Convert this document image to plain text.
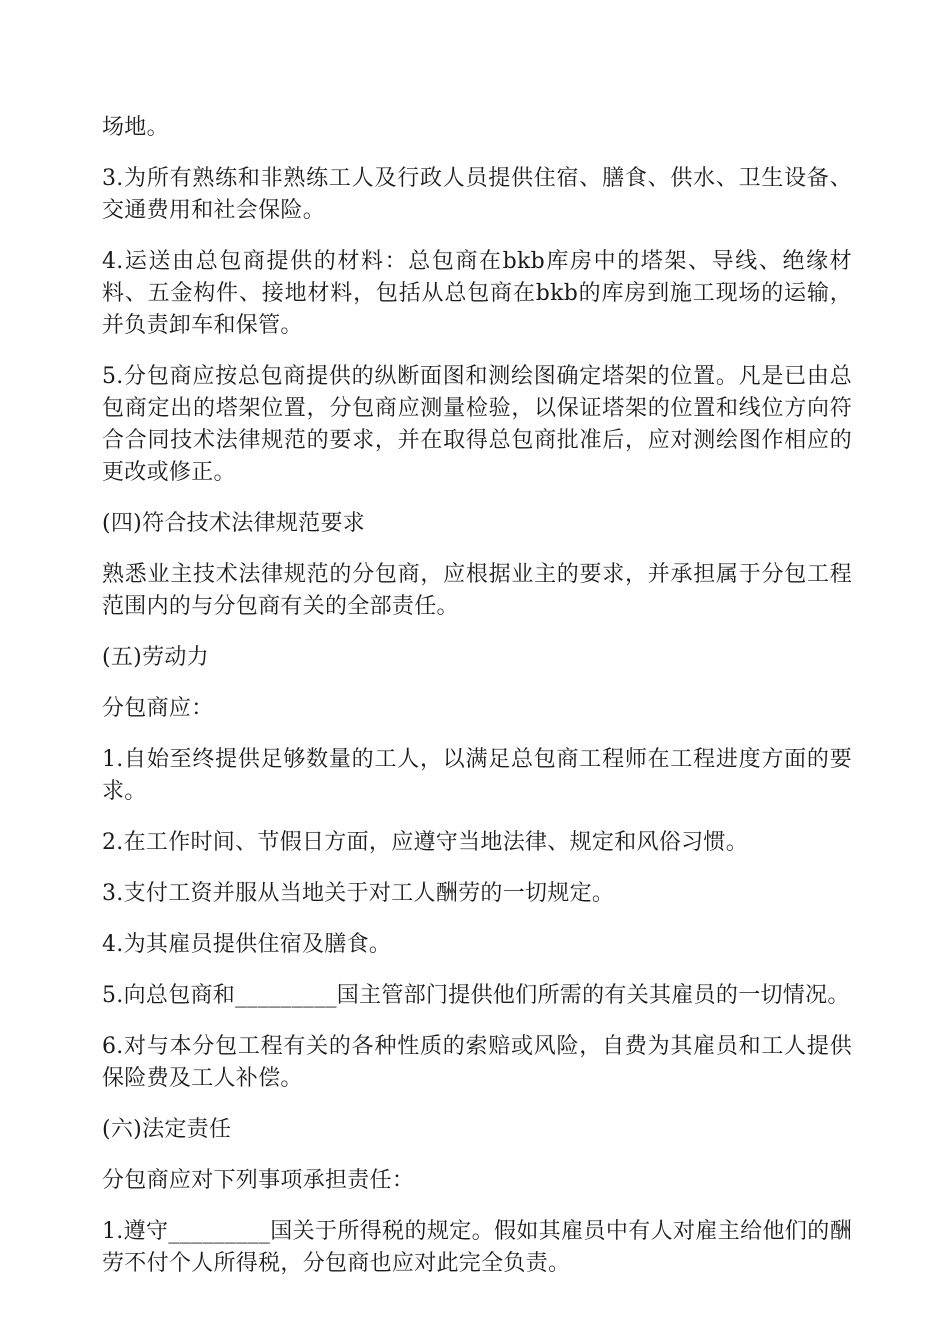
场地。

3.为所有熟练和非熟练工人及行政人员提供住宿、膳食、供水、卫生设备、交通费用和社会保险。

4.运送由总包商提供的材料：总包商在bkb库房中的塔架、导线、绝缘材料、五金构件、接地材料，包括从总包商在bkb的库房到施工现场的运输，并负责卸车和保管。

5.分包商应按总包商提供的纵断面图和测绘图确定塔架的位置。凡是已由总包商定出的塔架位置，分包商应测量检验，以保证塔架的位置和线位方向符合合同技术法律规范的要求，并在取得总包商批准后，应对测绘图作相应的更改或修正。

(四)符合技术法律规范要求

熟悉业主技术法律规范的分包商，应根据业主的要求，并承担属于分包工程范围内的与分包商有关的全部责任。

(五)劳动力

分包商应：

1.自始至终提供足够数量的工人，以满足总包商工程师在工程进度方面的要求。

2.在工作时间、节假日方面，应遵守当地法律、规定和风俗习惯。

3.支付工资并服从当地关于对工人酬劳的一切规定。

4.为其雇员提供住宿及膳食。

5.向总包商和_________国主管部门提供他们所需的有关其雇员的一切情况。

6.对与本分包工程有关的各种性质的索赔或风险，自费为其雇员和工人提供保险费及工人补偿。

(六)法定责任

分包商应对下列事项承担责任：

1.遵守_________国关于所得税的规定。假如其雇员中有人对雇主给他们的酬劳不付个人所得税，分包商也应对此完全负责。
